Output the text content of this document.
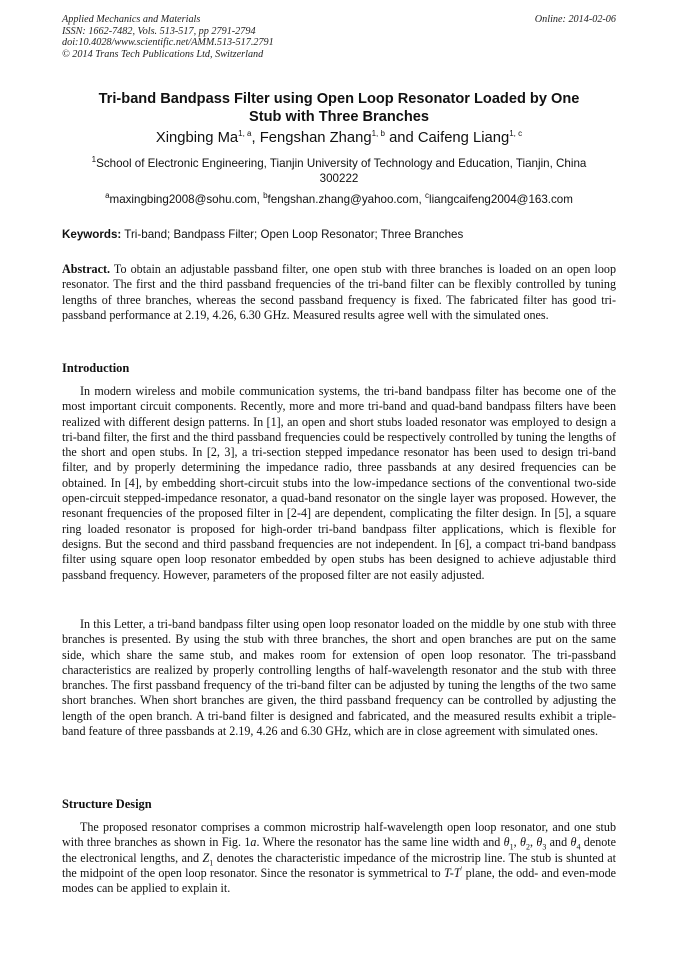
Applied Mechanics and Materials
ISSN: 1662-7482, Vols. 513-517, pp 2791-2794
doi:10.4028/www.scientific.net/AMM.513-517.2791
© 2014 Trans Tech Publications Ltd, Switzerland
Online: 2014-02-06
Tri-band Bandpass Filter using Open Loop Resonator Loaded by One
Stub with Three Branches
Xingbing Ma$^{1, a}$, Fengshan Zhang$^{1, b}$ and Caifeng Liang$^{1, c}$
$^1$School of Electronic Engineering, Tianjin University of Technology and Education, Tianjin, China
300222
$^a$maxingbing2008@sohu.com, $^b$fengshan.zhang@yahoo.com, $^c$liangcaifeng2004@163.com
Keywords: Tri-band; Bandpass Filter; Open Loop Resonator; Three Branches
Abstract. To obtain an adjustable passband filter, one open stub with three branches is loaded on an open loop resonator. The first and the third passband frequencies of the tri-band filter can be flexibly controlled by tuning lengths of three branches, whereas the second passband frequency is fixed. The fabricated filter has good tri-passband performance at 2.19, 4.26, 6.30 GHz. Measured results agree well with the simulated ones.
Introduction

In modern wireless and mobile communication systems, the tri-band bandpass filter has become one of the most important circuit components. Recently, more and more tri-band and quad-band bandpass filters have been realized with different design patterns. In [1], an open and short stubs loaded resonator was employed to design a tri-band filter, the first and the third passband frequencies could be respectively controlled by tuning the lengths of the short and open stubs. In [2, 3], a tri-section stepped impedance resonator has been used to design tri-band filter, and by properly determining the impedance radio, three passbands at any desired frequencies can be obtained. In [4], by embedding short-circuit stubs into the low-impedance sections of the conventional two-side open-circuit stepped-impedance resonator, a quad-band resonator on the single layer was proposed. However, the resonant frequencies of the proposed filter in [2-4] are dependent, complicating the filter design. In [5], a square ring loaded resonator is proposed for high-order tri-band bandpass filter applications, which is flexible for designs. But the second and third passband frequencies are not independent. In [6], a compact tri-band bandpass filter using square open loop resonator embedded by open stubs has been designed to achieve adjustable third passband frequency. However, parameters of the proposed filter are not easily adjusted.

In this Letter, a tri-band bandpass filter using open loop resonator loaded on the middle by one stub with three branches is presented. By using the stub with three branches, the short and open branches are put on the same side, which share the same stub, and makes room for extension of open loop resonator. The tri-passband characteristics are realized by properly controlling lengths of half-wavelength resonator and the stub with three branches. The first passband frequency of the tri-band filter can be adjusted by tuning the lengths of the two same short branches. When short branches are given, the third passband frequency can be controlled by adjusting the length of the open branch. A tri-band filter is designed and fabricated, and the measured results exhibit a triple-band feature of three passbands at 2.19, 4.26 and 6.30 GHz, which are in close agreement with simulated ones.

Structure Design

The proposed resonator comprises a common microstrip half-wavelength open loop resonator, and one stub with three branches as shown in Fig. 1a. Where the resonator has the same line width and $\theta_1$, $\theta_2$, $\theta_3$ and $\theta_4$ denote the electronical lengths, and $Z_1$ denotes the characteristic impedance of the microstrip line. The stub is shunted at the midpoint of the open loop resonator. Since the resonator is symmetrical to T-T′ plane, the odd- and even-mode modes can be applied to explain it.
